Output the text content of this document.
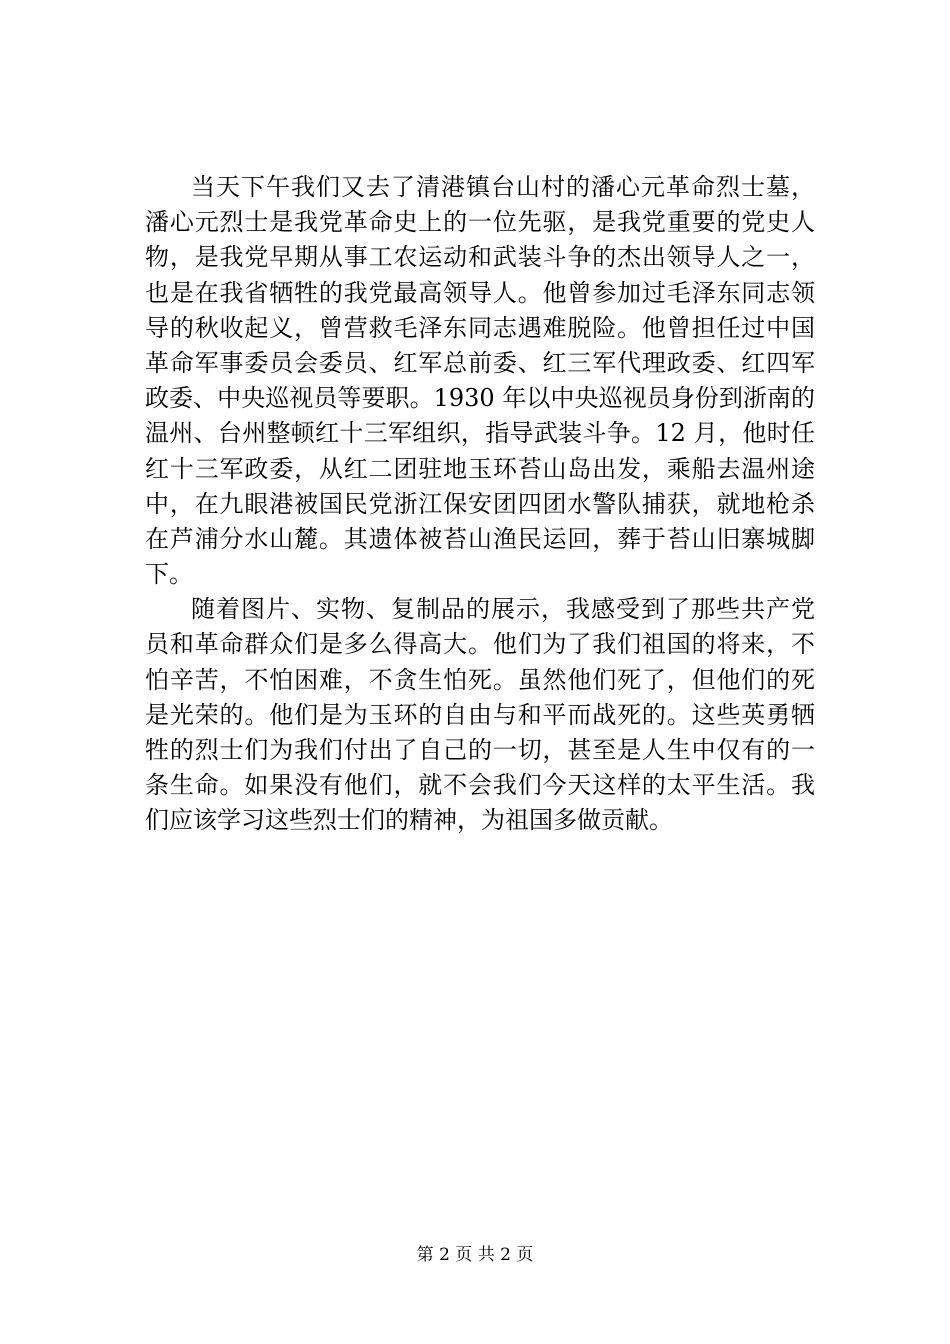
当天下午我们又去了清港镇台山村的潘心元革命烈士墓，
潘心元烈士是我党革命史上的一位先驱，是我党重要的党史人
物，是我党早期从事工农运动和武装斗争的杰出领导人之一，
也是在我省牺牲的我党最高领导人。他曾参加过毛泽东同志领
导的秋收起义，曾营救毛泽东同志遇难脱险。他曾担任过中国
革命军事委员会委员、红军总前委、红三军代理政委、红四军
政委、中央巡视员等要职。1930 年以中央巡视员身份到浙南的
温州、台州整顿红十三军组织，指导武装斗争。12 月，他时任
红十三军政委，从红二团驻地玉环苔山岛出发，乘船去温州途
中，在九眼港被国民党浙江保安团四团水警队捕获，就地枪杀
在芦浦分水山麓。其遗体被苔山渔民运回，葬于苔山旧寨城脚
下。
随着图片、实物、复制品的展示，我感受到了那些共产党
员和革命群众们是多么得高大。他们为了我们祖国的将来，不
怕辛苦，不怕困难，不贪生怕死。虽然他们死了，但他们的死
是光荣的。他们是为玉环的自由与和平而战死的。这些英勇牺
牲的烈士们为我们付出了自己的一切，甚至是人生中仅有的一
条生命。如果没有他们，就不会我们今天这样的太平生活。我
们应该学习这些烈士们的精神，为祖国多做贡献。
第 2 页 共 2 页
